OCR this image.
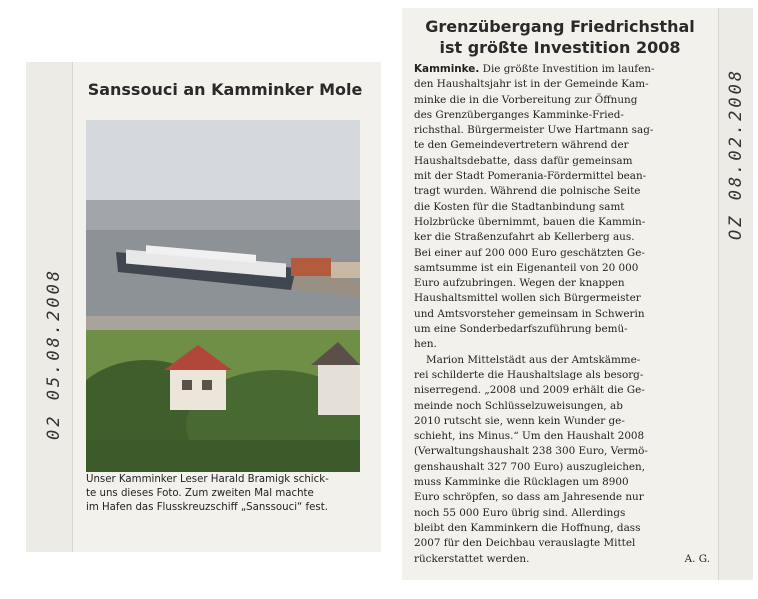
02 05.08.2008
Sanssouci an Kamminker Mole
Unser Kamminker Leser Harald Bramigk schick-
te uns dieses Foto. Zum zweiten Mal machte
im Hafen das Flusskreuzschiff „Sanssouci“ fest.
OZ 08.02.2008
Grenzübergang Friedrichsthal
ist größte Investition 2008
Kamminke. Die größte Investition im laufen-
den Haushaltsjahr ist in der Gemeinde Kam-
minke die in die Vorbereitung zur Öffnung
des Grenzüberganges Kamminke-Fried-
richsthal. Bürgermeister Uwe Hartmann sag-
te den Gemeindevertretern während der
Haushaltsdebatte, dass dafür gemeinsam
mit der Stadt Pomerania-Fördermittel bean-
tragt wurden. Während die polnische Seite
die Kosten für die Stadtanbindung samt
Holzbrücke übernimmt, bauen die Kammin-
ker die Straßenzufahrt ab Kellerberg aus.
Bei einer auf 200 000 Euro geschätzten Ge-
samtsumme ist ein Eigenanteil von 20 000
Euro aufzubringen. Wegen der knappen
Haushaltsmittel wollen sich Bürgermeister
und Amtsvorsteher gemeinsam in Schwerin
um eine Sonderbedarfszuführung bemü-
hen.
Marion Mittelstädt aus der Amtskämme-
rei schilderte die Haushaltslage als besorg-
niserregend. „2008 und 2009 erhält die Ge-
meinde noch Schlüsselzuweisungen, ab
2010 rutscht sie, wenn kein Wunder ge-
schieht, ins Minus.“ Um den Haushalt 2008
(Verwaltungshaushalt 238 300 Euro, Vermö-
genshaushalt 327 700 Euro) auszugleichen,
muss Kamminke die Rücklagen um 8900
Euro schröpfen, so dass am Jahresende nur
noch 55 000 Euro übrig sind. Allerdings
bleibt den Kamminkern die Hoffnung, dass
2007 für den Deichbau verauslagte Mittel
rückerstattet werden.	A. G.
